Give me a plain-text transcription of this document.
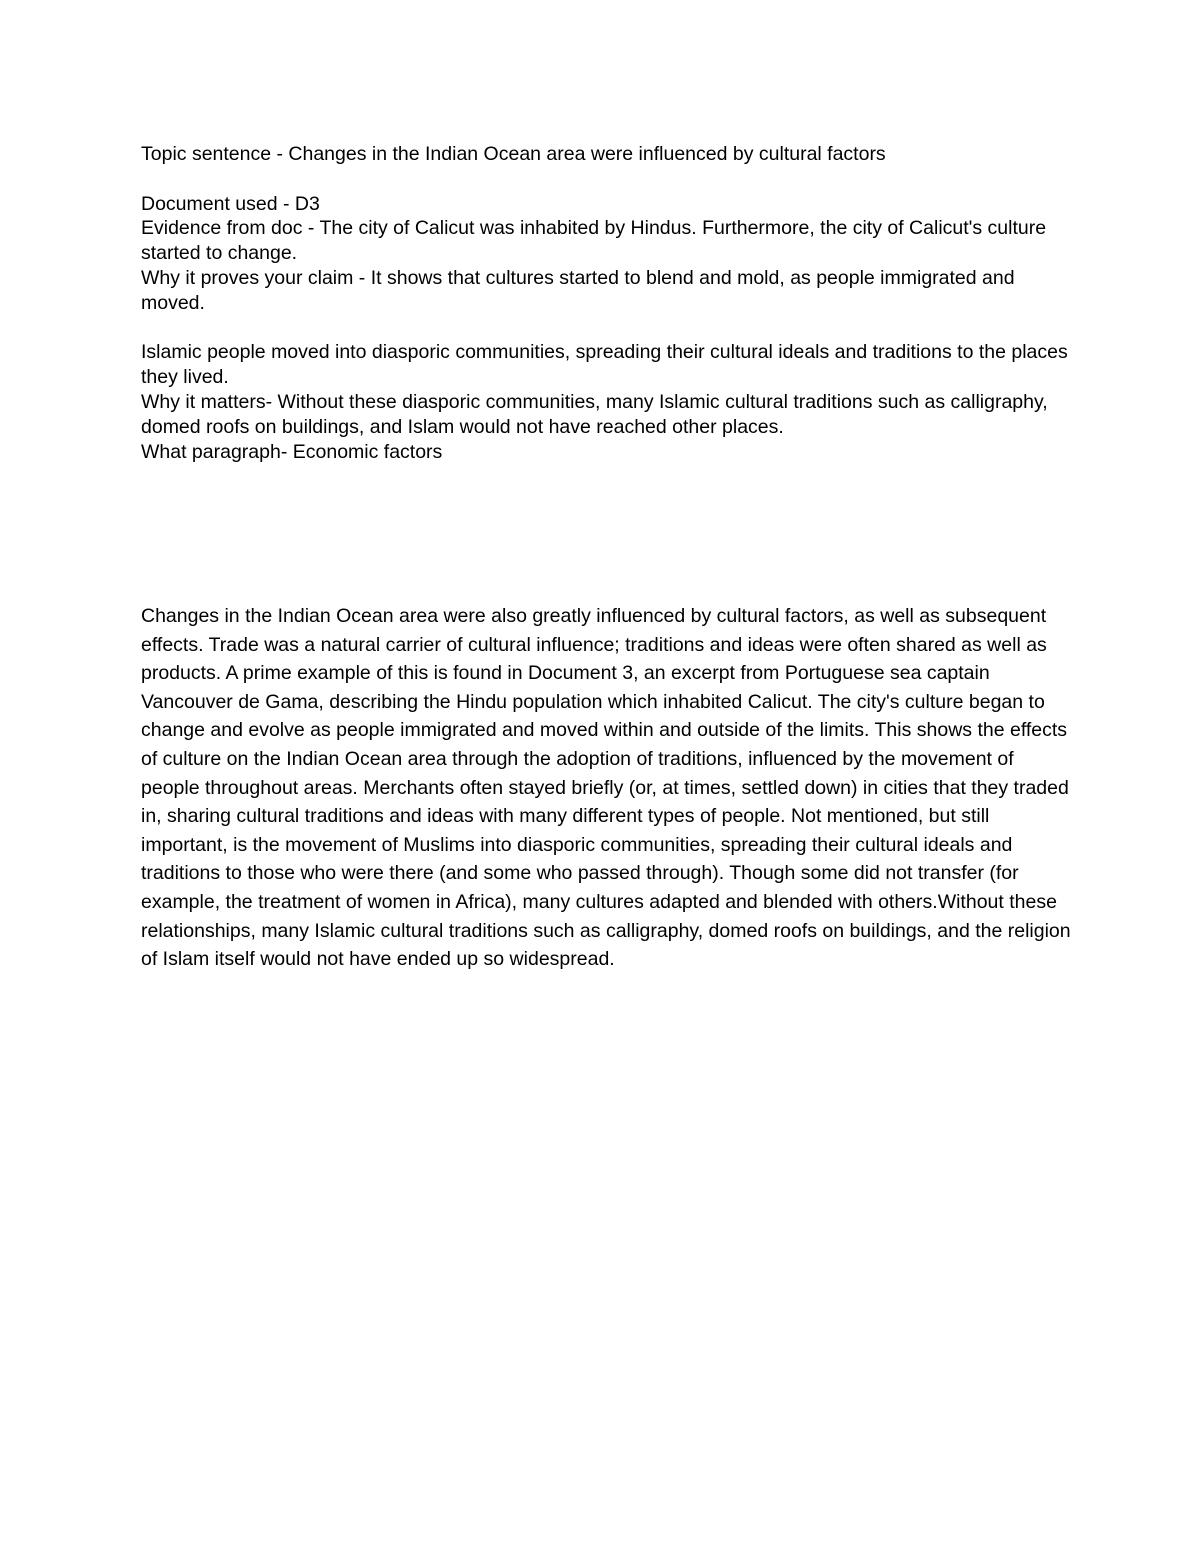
Topic sentence - Changes in the Indian Ocean area were influenced by cultural factors

Document used - D3

Evidence from doc - The city of Calicut was inhabited by Hindus. Furthermore, the city of Calicut's culture started to change.

Why it proves your claim - It shows that cultures started to blend and mold, as people immigrated and moved.

Islamic people moved into diasporic communities, spreading their cultural ideals and traditions to the places they lived.

Why it matters- Without these diasporic communities, many Islamic cultural traditions such as calligraphy, domed roofs on buildings, and Islam would not have reached other places.

What paragraph- Economic factors

Changes in the Indian Ocean area were also greatly influenced by cultural factors, as well as subsequent effects. Trade was a natural carrier of cultural influence; traditions and ideas were often shared as well as products. A prime example of this is found in Document 3, an excerpt from Portuguese sea captain Vancouver de Gama, describing the Hindu population which inhabited Calicut. The city's culture began to change and evolve as people immigrated and moved within and outside of the limits. This shows the effects of culture on the Indian Ocean area through the adoption of traditions, influenced by the movement of people throughout areas. Merchants often stayed briefly (or, at times, settled down) in cities that they traded in, sharing cultural traditions and ideas with many different types of people. Not mentioned, but still important, is the movement of Muslims into diasporic communities, spreading their cultural ideals and traditions to those who were there (and some who passed through). Though some did not transfer (for example, the treatment of women in Africa), many cultures adapted and blended with others.Without these relationships, many Islamic cultural traditions such as calligraphy, domed roofs on buildings, and the religion of Islam itself would not have ended up so widespread.
